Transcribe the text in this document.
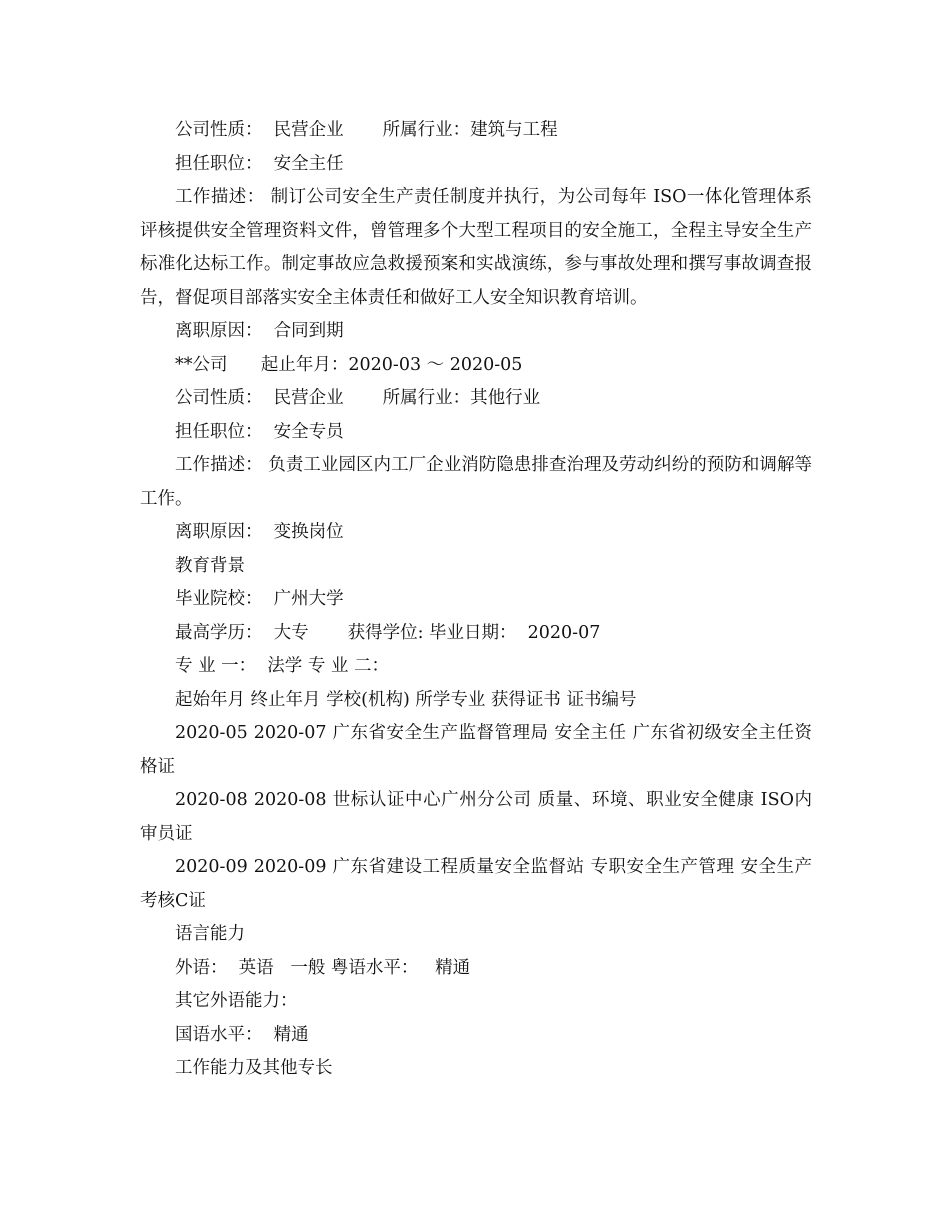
公司性质：  民营企业       所属行业：建筑与工程

担任职位：  安全主任

工作描述： 制订公司安全生产责任制度并执行，为公司每年 ISO一体化管理体系评核提供安全管理资料文件，曾管理多个大型工程项目的安全施工，全程主导安全生产标准化达标工作。制定事故应急救援预案和实战演练，参与事故处理和撰写事故调查报告，督促项目部落实安全主体责任和做好工人安全知识教育培训。

离职原因：  合同到期

**公司      起止年月：2020-03 ～ 2020-05

公司性质：  民营企业       所属行业：其他行业

担任职位：  安全专员

工作描述： 负责工业园区内工厂企业消防隐患排查治理及劳动纠纷的预防和调解等工作。

离职原因：  变换岗位

教育背景

毕业院校：  广州大学

最高学历：  大专       获得学位: 毕业日期：  2020-07

专 业 一：  法学 专 业 二：

起始年月 终止年月 学校(机构) 所学专业 获得证书 证书编号

2020-05 2020-07 广东省安全生产监督管理局 安全主任 广东省初级安全主任资格证

2020-08 2020-08 世标认证中心广州分公司 质量、环境、职业安全健康 ISO内审员证

2020-09 2020-09 广东省建设工程质量安全监督站 专职安全生产管理 安全生产考核C证

语言能力

外语：  英语   一般 粤语水平：   精通

其它外语能力：

国语水平：  精通

工作能力及其他专长
